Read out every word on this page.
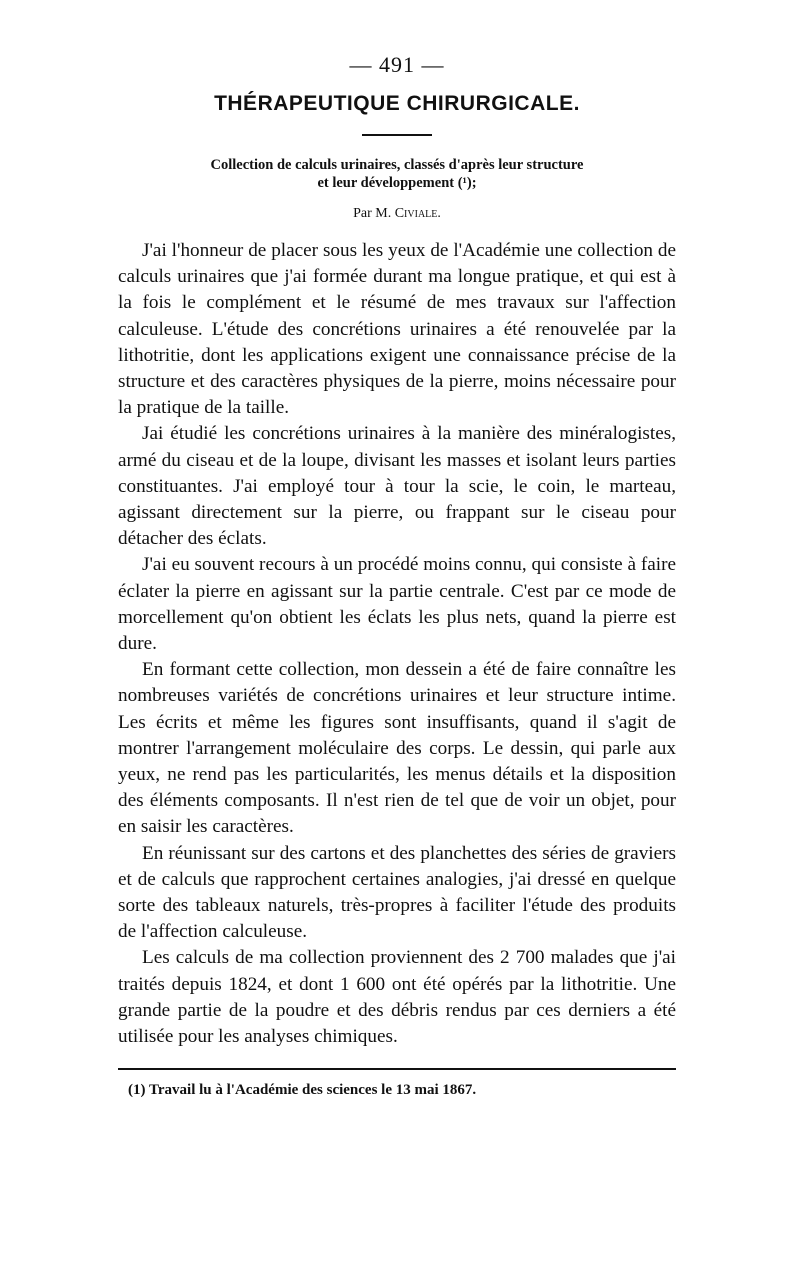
— 491 —
THÉRAPEUTIQUE CHIRURGICALE.
Collection de calculs urinaires, classés d'après leur structure
et leur développement (¹);
Par M. Civiale.

J'ai l'honneur de placer sous les yeux de l'Académie une collection de calculs urinaires que j'ai formée durant ma longue pratique, et qui est à la fois le complément et le résumé de mes travaux sur l'affection calculeuse. L'étude des concrétions urinaires a été renouvelée par la lithotritie, dont les applications exigent une connaissance précise de la structure et des caractères physiques de la pierre, moins nécessaire pour la pratique de la taille.

Jai étudié les concrétions urinaires à la manière des minéralogistes, armé du ciseau et de la loupe, divisant les masses et isolant leurs parties constituantes. J'ai employé tour à tour la scie, le coin, le marteau, agissant directement sur la pierre, ou frappant sur le ciseau pour détacher des éclats.

J'ai eu souvent recours à un procédé moins connu, qui consiste à faire éclater la pierre en agissant sur la partie centrale. C'est par ce mode de morcellement qu'on obtient les éclats les plus nets, quand la pierre est dure.

En formant cette collection, mon dessein a été de faire connaître les nombreuses variétés de concrétions urinaires et leur structure intime. Les écrits et même les figures sont insuffisants, quand il s'agit de montrer l'arrangement moléculaire des corps. Le dessin, qui parle aux yeux, ne rend pas les particularités, les menus détails et la disposition des éléments composants. Il n'est rien de tel que de voir un objet, pour en saisir les caractères.

En réunissant sur des cartons et des planchettes des séries de graviers et de calculs que rapprochent certaines analogies, j'ai dressé en quelque sorte des tableaux naturels, très-propres à faciliter l'étude des produits de l'affection calculeuse.

Les calculs de ma collection proviennent des 2 700 malades que j'ai traités depuis 1824, et dont 1 600 ont été opérés par la lithotritie. Une grande partie de la poudre et des débris rendus par ces derniers a été utilisée pour les analyses chimiques.

(1) Travail lu à l'Académie des sciences le 13 mai 1867.
